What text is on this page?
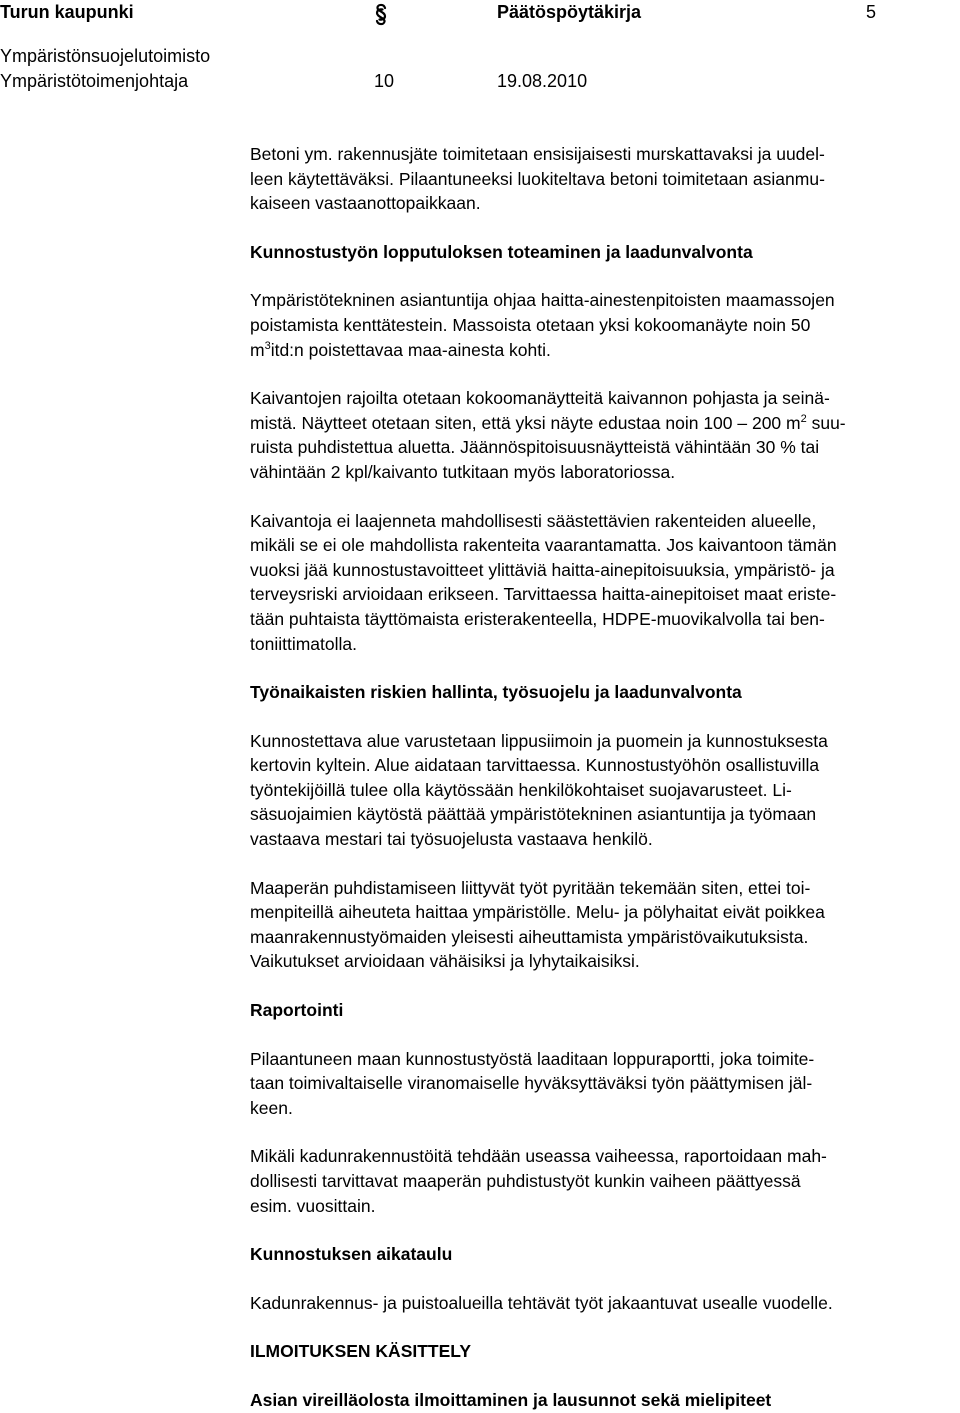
Turun kaupunki	Päätöspöytäkirja	5
Ympäristönsuojelutoimisto
Ympäristötoimenjohtaja	10	19.08.2010

Betoni ym. rakennusjäte toimitetaan ensisijaisesti murskattavaksi ja uudel-

leen käytettäväksi. Pilaantuneeksi luokiteltava betoni toimitetaan asianmu-

kaiseen vastaanottopaikkaan.

Kunnostustyön lopputuloksen toteaminen ja laadunvalvonta

Ympäristötekninen asiantuntija ohjaa haitta-ainestenpitoisten maamassojen

poistamista kenttätestein. Massoista otetaan yksi kokoomanäyte noin 50

$m^3itd:n$ poistettavaa maa-ainesta kohti.

Kaivantojen rajoilta otetaan kokoomanäytteitä kaivannon pohjasta ja seinä-

mistä. Näytteet otetaan siten, että yksi näyte edustaa noin 100 – 200 $m^2$ suu-

ruista puhdistettua aluetta. Jäännöspitoisuusnäytteistä vähintään 30 % tai

vähintään 2 kpl/kaivanto tutkitaan myös laboratoriossa.

Kaivantoja ei laajenneta mahdollisesti säästettävien rakenteiden alueelle,

mikäli se ei ole mahdollista rakenteita vaarantamatta. Jos kaivantoon tämän

vuoksi jää kunnostustavoitteet ylittäviä haitta-ainepitoisuuksia, ympäristö- ja

terveysriski arvioidaan erikseen. Tarvittaessa haitta-ainepitoiset maat eriste-

tään puhtaista täyttömaista eristerakenteella, HDPE-muovikalvolla tai ben-

toniittimatolla.

Työnaikaisten riskien hallinta, työsuojelu ja laadunvalvonta

Kunnostettava alue varustetaan lippusiimoin ja puomein ja kunnostuksesta

kertovin kyltein. Alue aidataan tarvittaessa. Kunnostustyöhön osallistuvilla

työntekijöillä tulee olla käytössään henkilökohtaiset suojavarusteet. Li-

säsuojaimien käytöstä päättää ympäristötekninen asiantuntija ja työmaan

vastaava mestari tai työsuojelusta vastaava henkilö.

Maaperän puhdistamiseen liittyvät työt pyritään tekemään siten, ettei toi-

menpiteillä aiheuteta haittaa ympäristölle. Melu- ja pölyhaitat eivät poikkea

maanrakennustyömaiden yleisesti aiheuttamista ympäristövaikutuksista.

Vaikutukset arvioidaan vähäisiksi ja lyhytaikaisiksi.

Raportointi

Pilaantuneen maan kunnostustyöstä laaditaan loppuraportti, joka toimite-

taan toimivaltaiselle viranomaiselle hyväksyttäväksi työn päättymisen jäl-

keen.

Mikäli kadunrakennustöitä tehdään useassa vaiheessa, raportoidaan mah-

dollisesti tarvittavat maaperän puhdistustyöt kunkin vaiheen päättyessä

esim. vuosittain.

Kunnostuksen aikataulu

Kadunrakennus- ja puistoalueilla tehtävät työt jakaantuvat usealle vuodelle.

ILMOITUKSEN KÄSITTELY

Asian vireilläolosta ilmoittaminen ja lausunnot sekä mielipiteet
